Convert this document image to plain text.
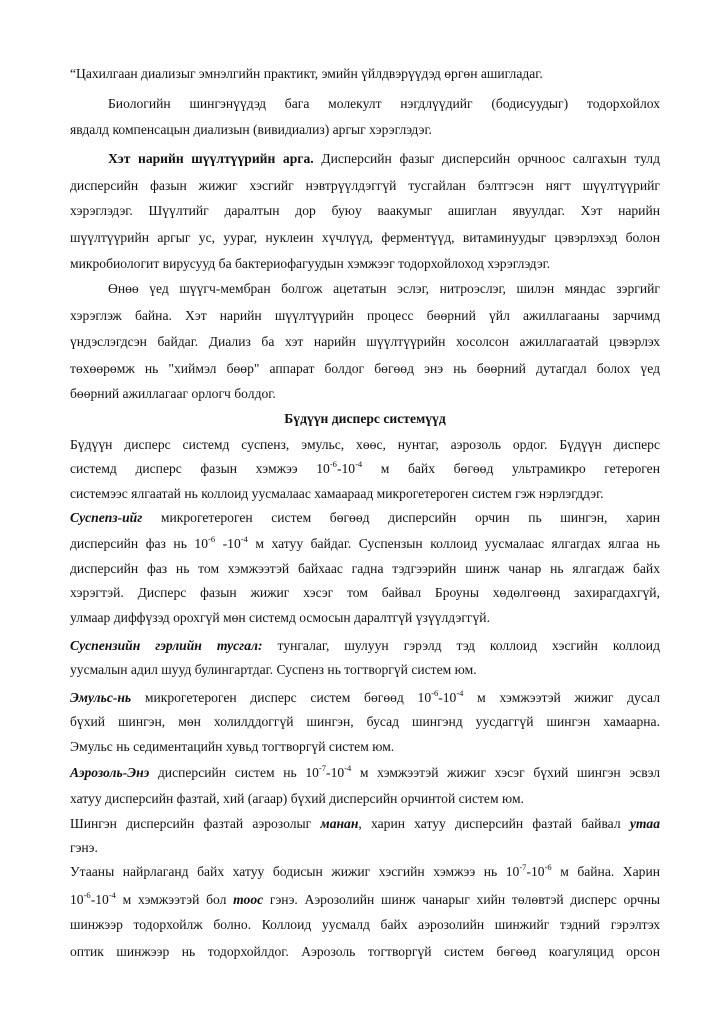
“Цахилгаан диализыг эмнэлгийн практикт, эмийн үйлдвэрүүдэд өргөн ашигладаг.
Биологийн шингэнүүдэд бага молекулт нэгдлүүдийг (бодисуудыг) тодорхойлох
явдалд компенсацын диализын (вивидиализ) аргыг хэрэглэдэг.
Хэт нарийн шүүлтүүрийн арга. Дисперсийн фазыг дисперсийн орчноос салгахын тулд
дисперсийн фазын жижиг хэсгийг нэвтрүүлдэггүй тусгайлан бэлтгэсэн нягт шүүлтүүрийг
хэрэглэдэг. Шүүлтийг даралтын дор буюу ваакумыг ашиглан явуулдаг. Хэт нарийн
шүүлтүүрийн аргыг ус, уураг, нуклеин хүчлүүд, ферментүүд, витаминуудыг цэвэрлэхэд болон
микробиологит вирусууд ба бактериофагуудын хэмжээг тодорхойлоход хэрэглэдэг.
Өнөө үед шүүгч-мембран болгож ацетатын эслэг, нитроэслэг, шилэн мяндас зэргийг
хэрэглэж байна. Хэт нарийн шүүлтүүрийн процесс бөөрний үйл ажиллагааны зарчимд
үндэслэгдсэн байдаг. Диализ ба хэт нарийн шүүлтүүрийн хосолсон ажиллагаатай цэвэрлэх
төхөөрөмж нь "хиймэл бөөр" аппарат болдог бөгөөд энэ нь бөөрний дутагдал болох үед
бөөрний ажиллагааг орлогч болдог.
Бүдүүн дисперс системүүд
Бүдүүн дисперс системд суспенз, эмульс, хөөс, нунтаг, аэрозоль ордог. Бүдүүн дисперс
системд дисперс фазын хэмжээ $10^{-6}-10^{-4}$ м байх бөгөөд ультрамикро гетероген
системээс ялгаатай нь коллоид уусмалаас хамаараад микрогетероген систем гэж нэрлэгддэг.
Суспепз-ийг микрогетероген систем бөгөөд дисперсийн орчин пь шингэн, харин
дисперсийн фаз нь $10^{-6}$ $-10^{-4}$ м хатуу байдаг. Суспензын коллоид уусмалаас ялгагдах ялгаа нь
дисперсийн фаз нь том хэмжээтэй байхаас гадна тэдгээрийн шинж чанар нь ялгагдаж байх
хэрэгтэй. Дисперс фазын жижиг хэсэг том байвал Броуны хөдөлгөөнд захирагдахгүй,
улмаар диффүзэд орохгүй мөн системд осмосын даралтгүй үзүүлдэггүй.
Суспензийн гэрлийн тусгал: тунгалаг, шулуун гэрэлд тэд коллоид хэсгийн коллоид
уусмалын адил шууд булингартдаг. Суспенз нь тогтворгүй систем юм.
Эмульс-нь микрогетероген дисперс систем бөгөөд $10^{-6}-10^{-4}$ м хэмжээтэй жижиг дусал
бүхий шингэн, мөн холилддоггүй шингэн, бусад шингэнд уусдаггүй шингэн хамаарна.
Эмульс нь седиментацийн хувьд тогтворгүй систем юм.
Аэрозоль-Энэ дисперсийн систем нь $10^{-7}-10^{-4}$ м хэмжээтэй жижиг хэсэг бүхий шингэн эсвэл
хатуу дисперсийн фазтай, хий (агаар) бүхий дисперсийн орчинтой систем юм.
Шингэн дисперсийн фазтай аэрозолыг манан, харин хатуу дисперсийн фазтай байвал утаа
гэнэ.
Утааны найрлаганд байх хатуу бодисын жижиг хэсгийн хэмжээ нь $10^{-7}-10^{-6}$ м байна. Харин
$10^{-6}-10^{-4}$ м хэмжээтэй бол тоос гэнэ. Аэрозолийн шинж чанарыг хийн төлөвтэй дисперс орчны
шинжээр тодорхойлж болно. Коллоид уусмалд байх аэрозолийн шинжийг тэдний гэрэлтэх
оптик шинжээр нь тодорхойлдог. Аэрозоль тогтворгүй систем бөгөөд коагуляцид орсон
